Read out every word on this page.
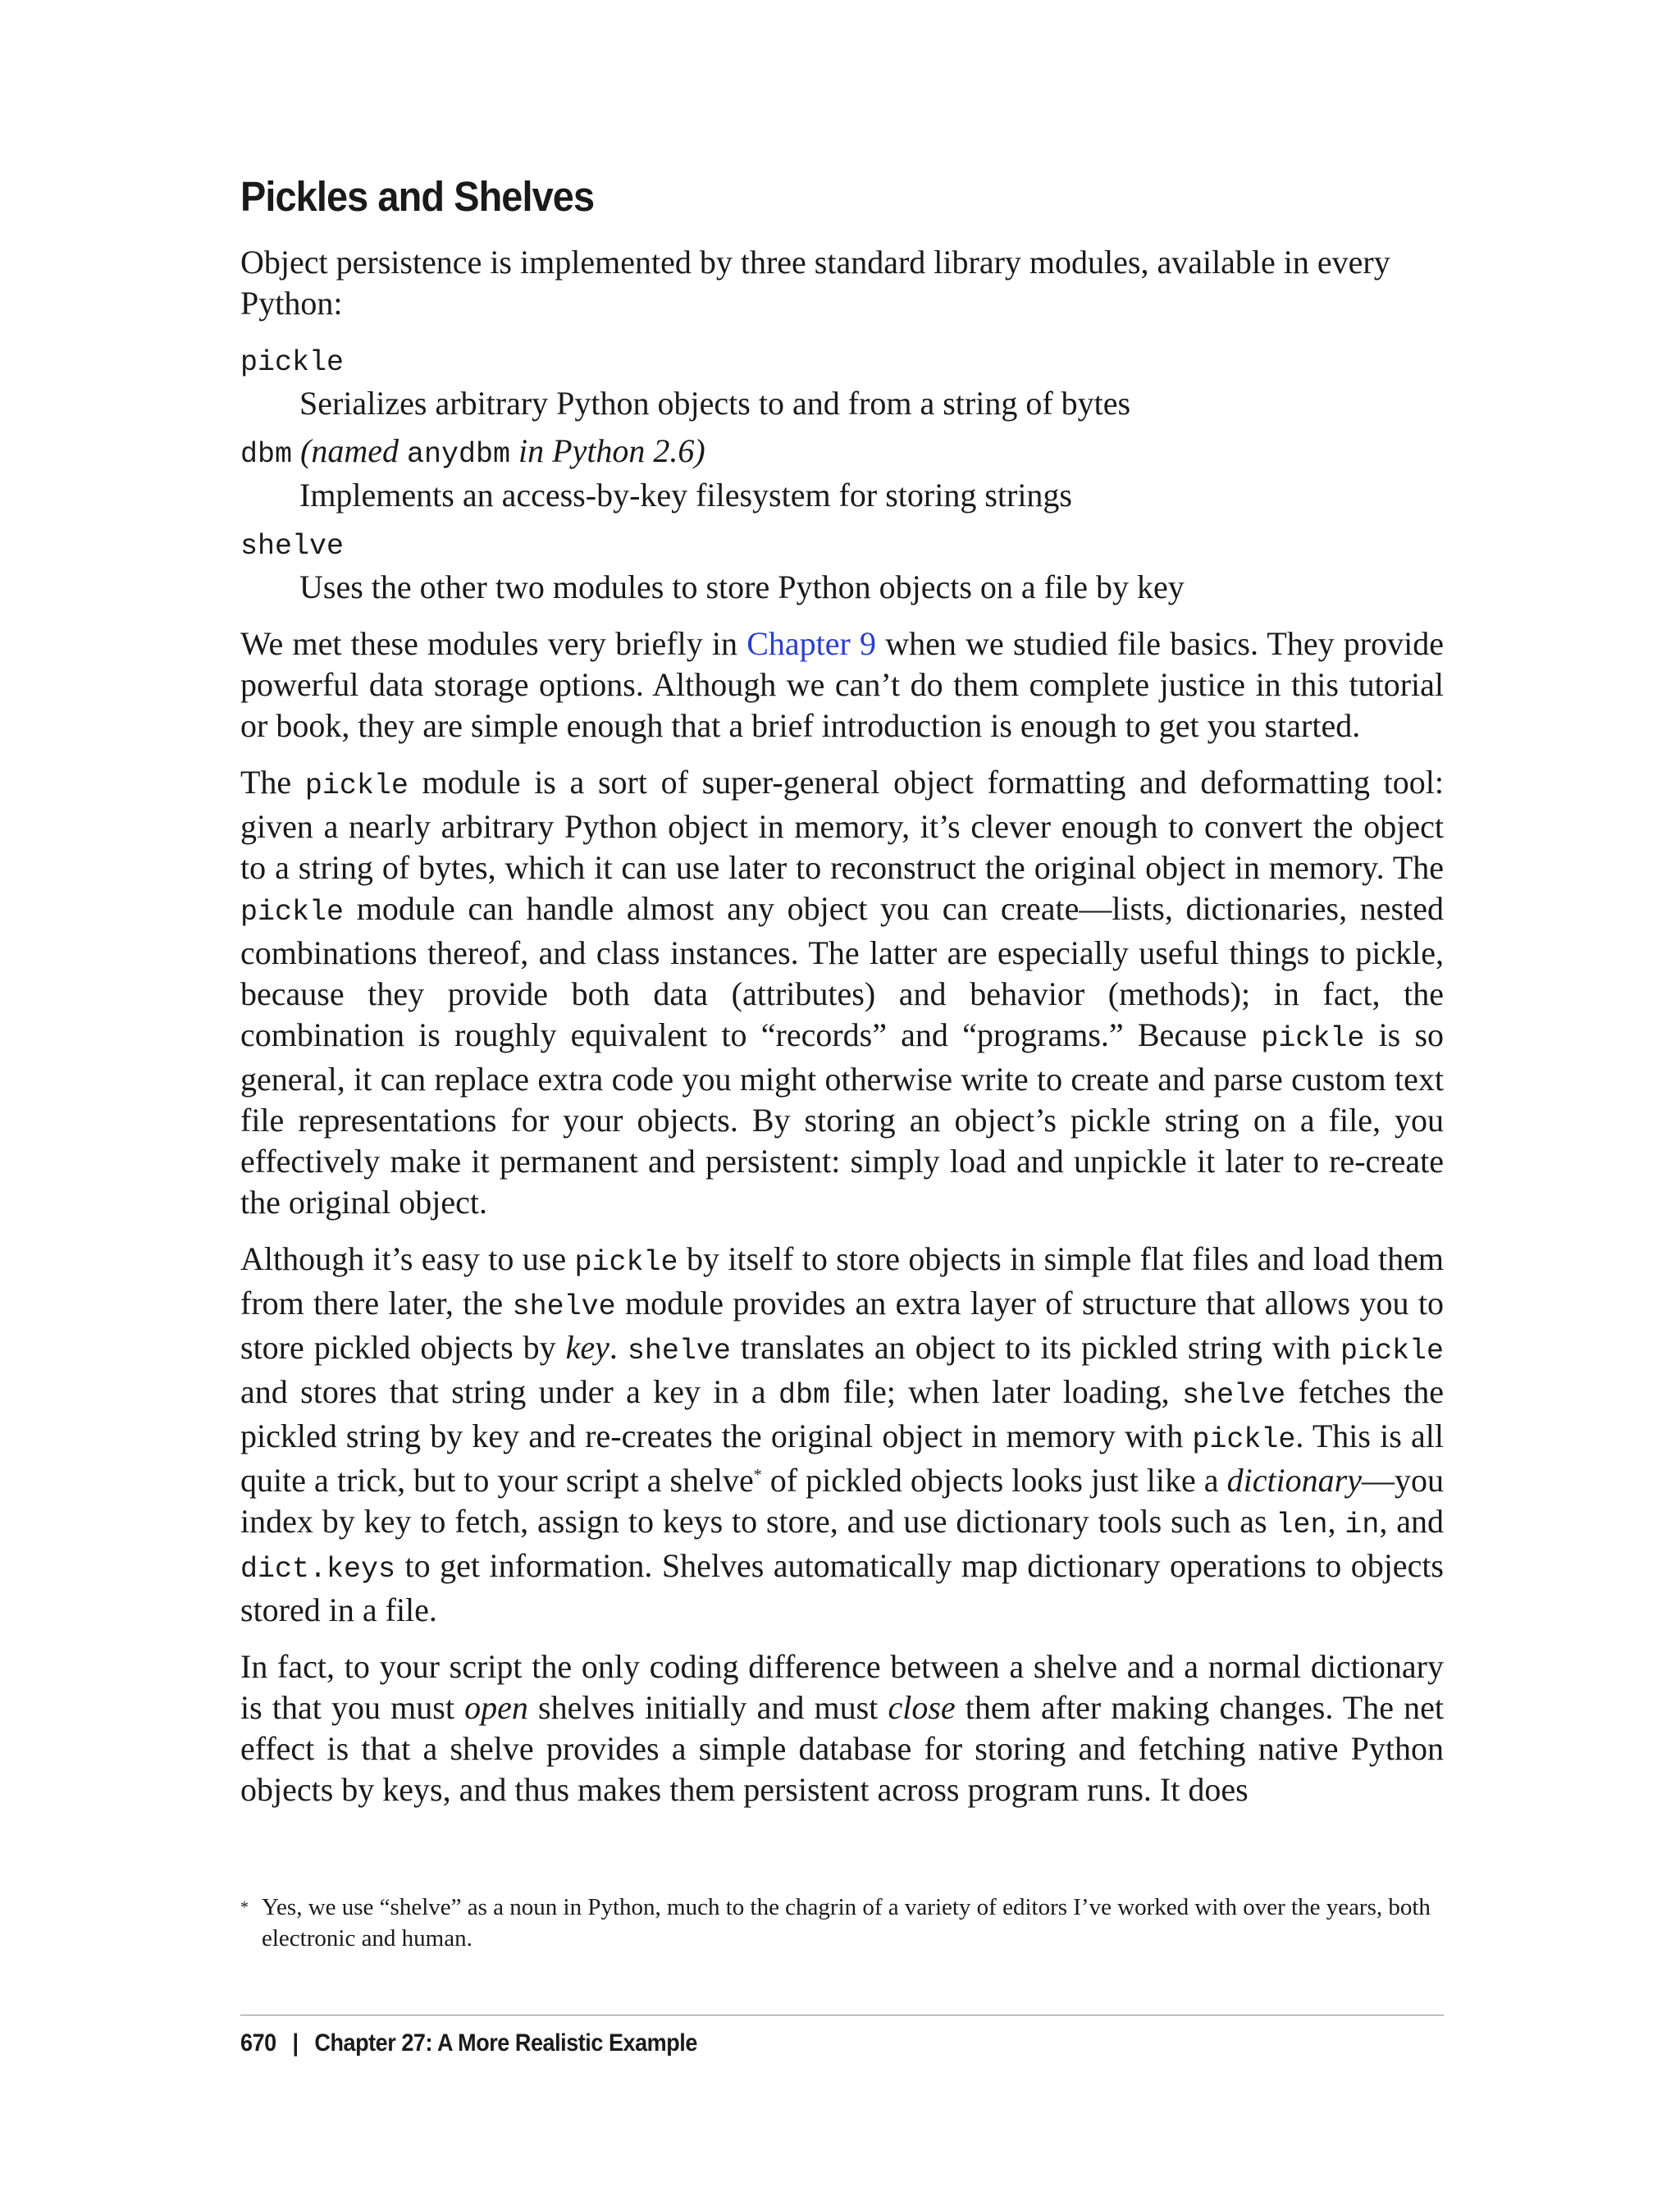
Pickles and Shelves

Object persistence is implemented by three standard library modules, available in every Python:

pickle
Serializes arbitrary Python objects to and from a string of bytes
dbm (named anydbm in Python 2.6)
Implements an access-by-key filesystem for storing strings
shelve
Uses the other two modules to store Python objects on a file by key

We met these modules very briefly in Chapter 9 when we studied file basics. They provide powerful data storage options. Although we can’t do them complete justice in this tutorial or book, they are simple enough that a brief introduction is enough to get you started.

The pickle module is a sort of super-general object formatting and deformatting tool: given a nearly arbitrary Python object in memory, it’s clever enough to convert the object to a string of bytes, which it can use later to reconstruct the original object in memory. The pickle module can handle almost any object you can create—lists, dictionaries, nested combinations thereof, and class instances. The latter are especially useful things to pickle, because they provide both data (attributes) and behavior (methods); in fact, the combination is roughly equivalent to “records” and “programs.” Because pickle is so general, it can replace extra code you might otherwise write to create and parse custom text file representations for your objects. By storing an object’s pickle string on a file, you effectively make it permanent and persistent: simply load and unpickle it later to re-create the original object.

Although it’s easy to use pickle by itself to store objects in simple flat files and load them from there later, the shelve module provides an extra layer of structure that allows you to store pickled objects by key. shelve translates an object to its pickled string with pickle and stores that string under a key in a dbm file; when later loading, shelve fetches the pickled string by key and re-creates the original object in memory with pickle. This is all quite a trick, but to your script a shelve* of pickled objects looks just like a dictionary—you index by key to fetch, assign to keys to store, and use dictionary tools such as len, in, and dict.keys to get information. Shelves automatically map dictionary operations to objects stored in a file.

In fact, to your script the only coding difference between a shelve and a normal dictionary is that you must open shelves initially and must close them after making changes. The net effect is that a shelve provides a simple database for storing and fetching native Python objects by keys, and thus makes them persistent across program runs. It does

* Yes, we use “shelve” as a noun in Python, much to the chagrin of a variety of editors I’ve worked with over the years, both electronic and human.
670 | Chapter 27: A More Realistic Example
